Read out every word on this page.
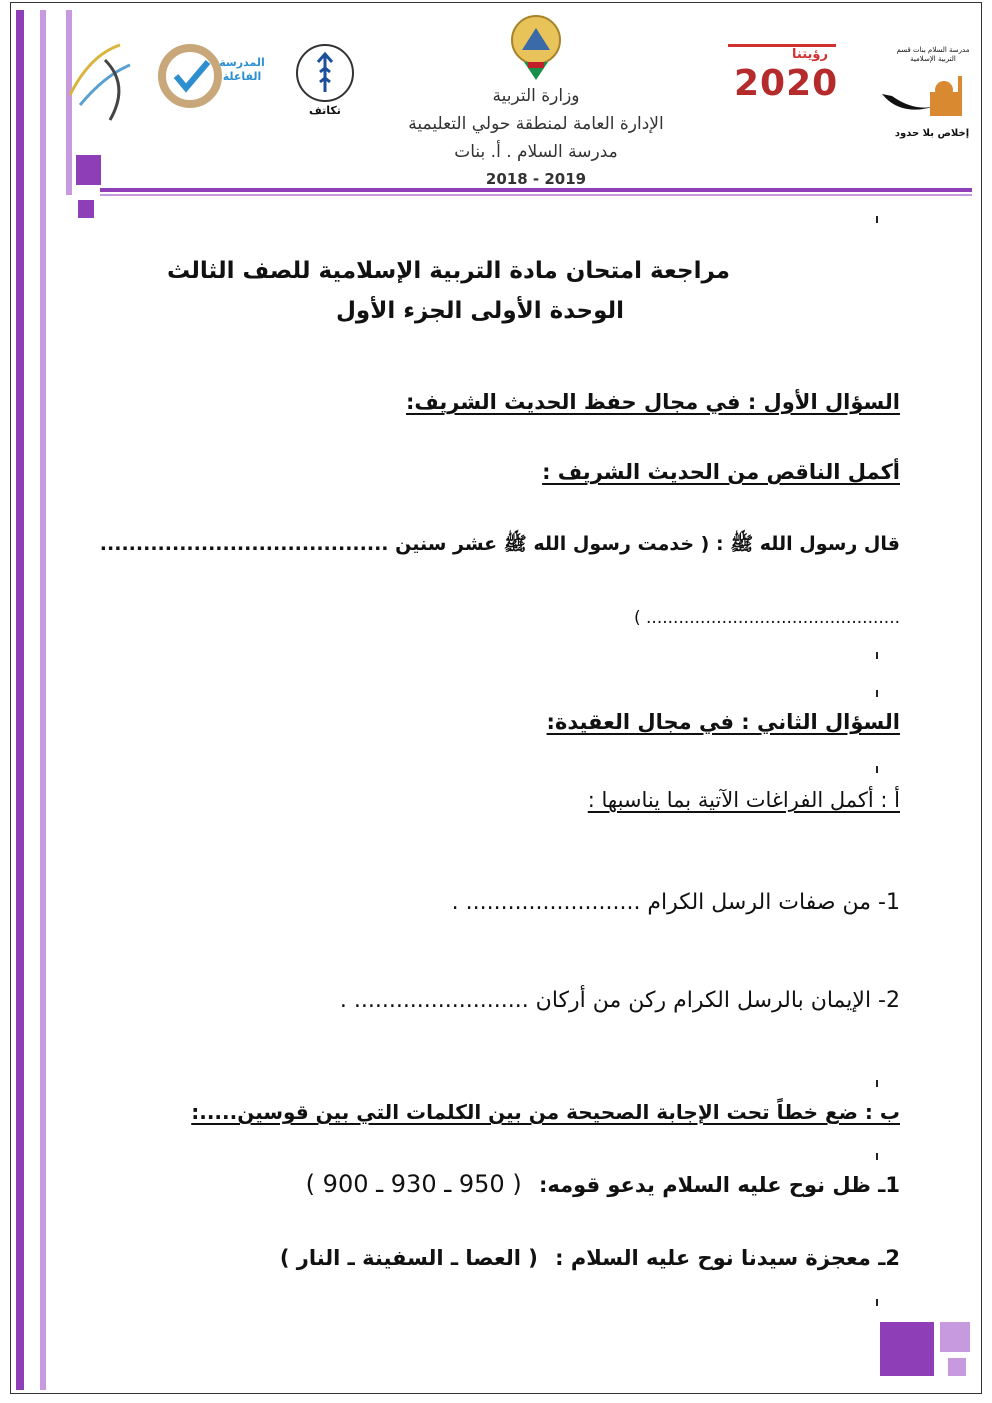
المدرسة الفاعلة
تكاتف
وزارة التربية
الإدارة العامة لمنطقة حولي التعليمية
مدرسة السلام . أ. بنات
2018 - 2019
رؤيتنا
2020
مدرسة السلام بنات قسم التربية الإسلامية
إخلاص بلا حدود
مراجعة امتحان مادة التربية الإسلامية للصف الثالث
الوحدة الأولى الجزء الأول
السؤال الأول : في مجال حفظ الحديث الشريف:
أكمل الناقص من الحديث الشريف :
قال رسول الله ﷺ : ( خدمت رسول الله ﷺ عشر سنين ........................................
............................................... )
السؤال الثاني : في مجال العقيدة:
أ : أكمل الفراغات الآتية بما يناسبها :
1- من صفات الرسل الكرام ......................... .
2- الإيمان بالرسل الكرام ركن من أركان ......................... .
ب : ضع خطاً تحت الإجابة الصحيحة من بين الكلمات التي بين قوسين.....:
1ـ ظل نوح عليه السلام يدعو قومه: ( 950 ـ 930 ـ 900 )
2ـ معجزة سيدنا نوح عليه السلام : ( العصا ـ السفينة ـ النار )
